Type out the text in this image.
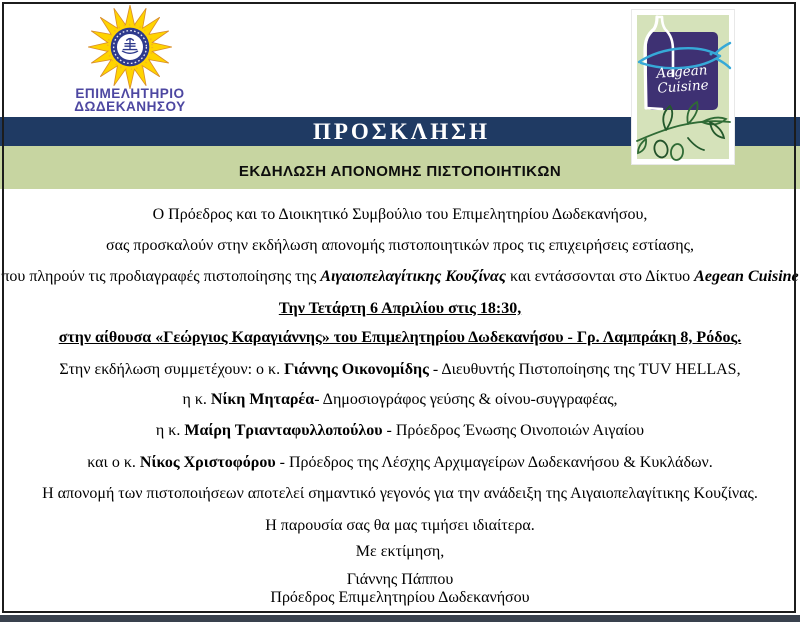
ΠΡΟΣΚΛΗΣΗ
ΕΚΔΗΛΩΣΗ ΑΠΟΝΟΜΗΣ ΠΙΣΤΟΠΟΙΗΤΙΚΩΝ
ΕΠΙΜΕΛΗΤΗΡΙΟ
ΔΩΔΕΚΑΝΗΣΟΥ
Aegean
Cuisine

Ο Πρόεδρος και το Διοικητικό Συμβούλιο του Επιμελητηρίου Δωδεκανήσου,

σας προσκαλούν στην εκδήλωση απονομής πιστοποιητικών προς τις επιχειρήσεις εστίασης,

που πληρούν τις προδιαγραφές πιστοποίησης της Αιγαιοπελαγίτικης Κουζίνας και εντάσσονται στο Δίκτυο Aegean Cuisine

Την Τετάρτη 6 Απριλίου στις 18:30,

στην αίθουσα «Γεώργιος Καραγιάννης» του Επιμελητηρίου Δωδεκανήσου - Γρ. Λαμπράκη 8, Ρόδος.

Στην εκδήλωση συμμετέχουν: ο κ. Γιάννης Οικονομίδης - Διευθυντής Πιστοποίησης της TUV HELLAS,

η κ. Νίκη Μηταρέα- Δημοσιογράφος γεύσης & οίνου-συγγραφέας,

η κ. Μαίρη Τριανταφυλλοπούλου - Πρόεδρος Ένωσης Οινοποιών Αιγαίου

και ο κ. Νίκος Χριστοφόρου - Πρόεδρος της Λέσχης Αρχιμαγείρων Δωδεκανήσου & Κυκλάδων.

Η απονομή των πιστοποιήσεων αποτελεί σημαντικό γεγονός για την ανάδειξη της Αιγαιοπελαγίτικης Κουζίνας.

Η παρουσία σας θα μας τιμήσει ιδιαίτερα.

Με εκτίμηση,

Γιάννης Πάππου

Πρόεδρος Επιμελητηρίου Δωδεκανήσου
